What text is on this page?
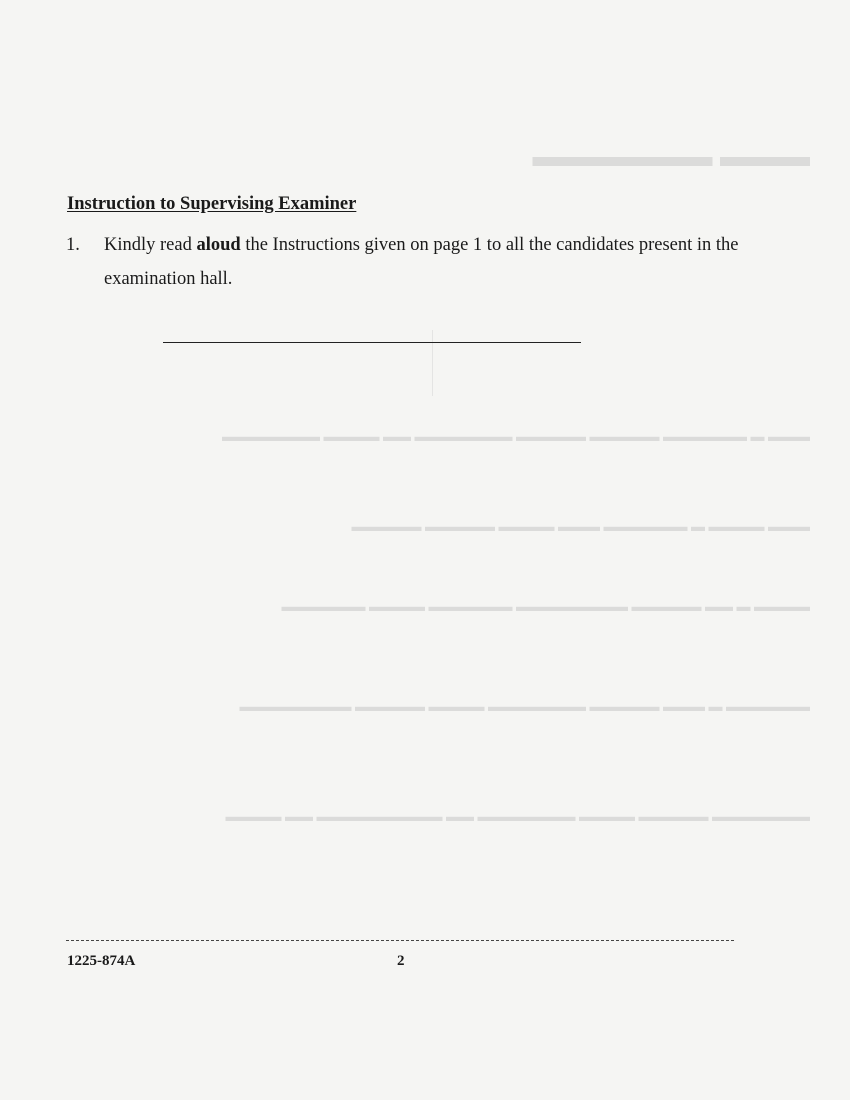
▬▬▬ ▬▬▬▬▬▬
▬▬▬ ▬ ▬▬▬▬▬▬ ▬▬▬▬▬ ▬▬▬▬▬ ▬▬▬▬▬▬▬ ▬▬ ▬▬▬▬ ▬▬▬▬▬▬▬
▬▬▬ ▬▬▬▬ ▬ ▬▬▬▬▬▬ ▬▬▬ ▬▬▬▬ ▬▬▬▬▬ ▬▬▬▬▬
▬▬▬▬ ▬ ▬▬ ▬▬▬▬▬ ▬▬▬▬▬▬▬▬ ▬▬▬▬▬▬ ▬▬▬▬ ▬▬▬▬▬▬
▬▬▬▬▬▬ ▬ ▬▬▬ ▬▬▬▬▬ ▬▬▬▬▬▬▬ ▬▬▬▬ ▬▬▬▬▬ ▬▬▬▬▬▬▬▬
▬▬▬▬▬▬▬ ▬▬▬▬▬ ▬▬▬▬ ▬▬▬▬▬▬▬ ▬▬ ▬▬▬▬▬▬▬▬▬ ▬▬ ▬▬▬▬
Instruction to Supervising Examiner
1.	Kindly read aloud the Instructions given on page 1 to all the candidates present in the examination hall.
1225-874A	2
